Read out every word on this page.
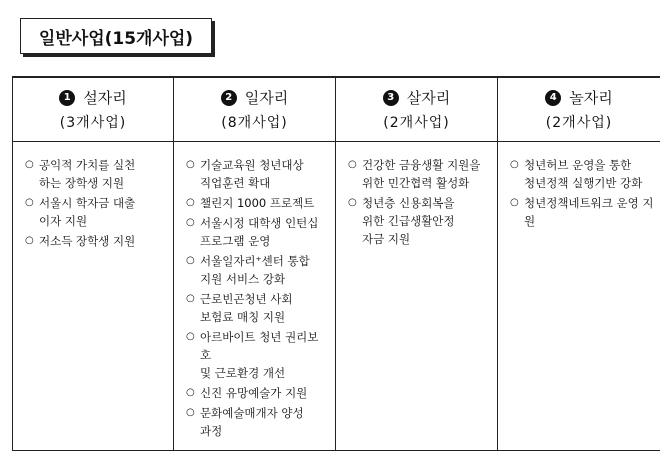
일반사업(15개사업)
1 설자리
(3개사업)
2 일자리
(8개사업)
3 살자리
(2개사업)
4 놀자리
(2개사업)
○ 공익적 가치를 실천
하는 장학생 지원
○ 서울시 학자금 대출
이자 지원
○ 저소득 장학생 지원
○ 기술교육원 청년대상
직업훈련 확대
○ 챌린지 1000 프로젝트
○ 서울시정 대학생 인턴십
프로그램 운영
○ 서울일자리⁺센터 통합
지원 서비스 강화
○ 근로빈곤청년 사회
보험료 매칭 지원
○ 아르바이트 청년 권리보호
및 근로환경 개선
○ 신진 유망예술가 지원
○ 문화예술매개자 양성
과정
○ 건강한 금융생활 지원을
위한 민간협력 활성화
○ 청년층 신용회복을
위한 긴급생활안정
자금 지원
○ 청년허브 운영을 통한
청년정책 실행기반 강화
○ 청년정책네트워크 운영 지원
